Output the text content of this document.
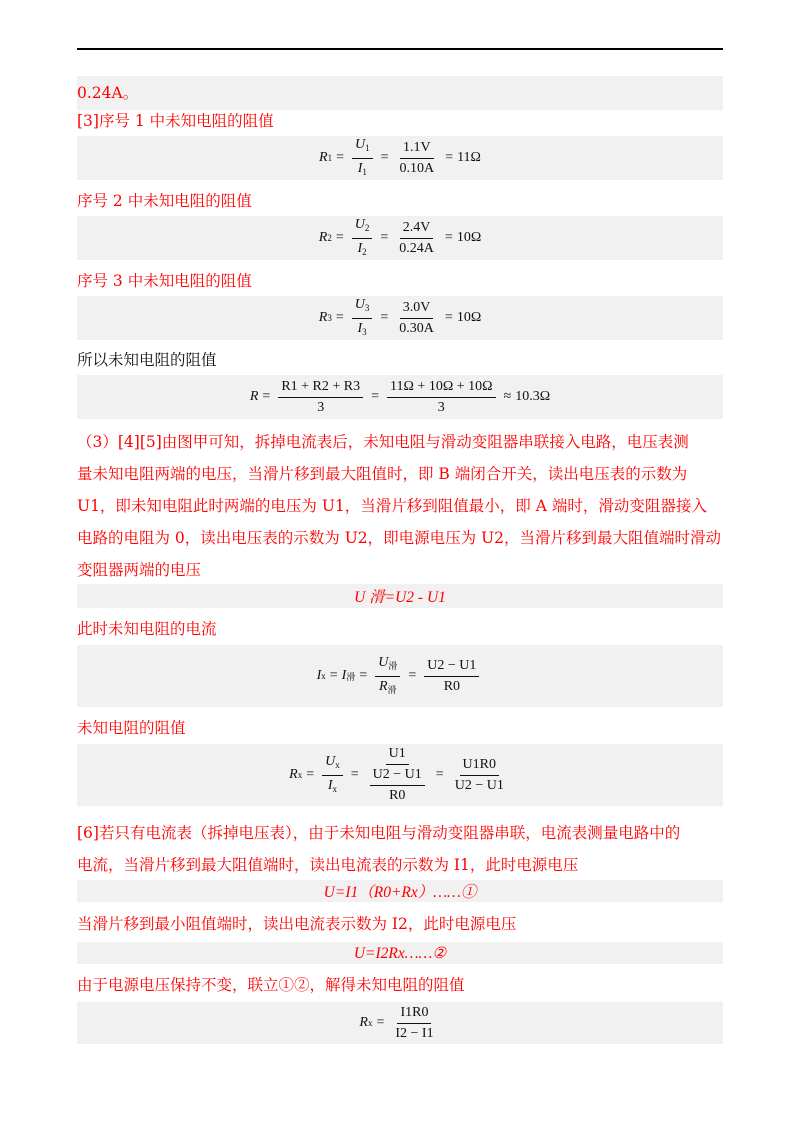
0.24A。
[3]序号 1 中未知电阻的阻值
R $1 = \frac{U_1}{I_1} = \frac{1.1V}{0.10A} = 11\Omega$
序号 2 中未知电阻的阻值
R $2 = \frac{U_2}{I_2} = \frac{2.4V}{0.24A} = 10\Omega$
序号 3 中未知电阻的阻值
R $3 = \frac{U_3}{I_3} = \frac{3.0V}{0.30A} = 10\Omega$
所以未知电阻的阻值
$R = \frac{R1 + R2 + R3}{3} = \frac{11\Omega + 10\Omega + 10\Omega}{3} \approx 10.3\Omega$
（3）[4][5]由图甲可知，拆掉电流表后，未知电阻与滑动变阻器串联接入电路，电压表测
量未知电阻两端的电压，当滑片移到最大阻值时，即 B 端闭合开关，读出电压表的示数为
U1，即未知电阻此时两端的电压为 U1，当滑片移到阻值最小，即 A 端时，滑动变阻器接入
电路的电阻为 0，读出电压表的示数为 U2，即电源电压为 U2，当滑片移到最大阻值端时滑动
变阻器两端的电压
U 滑=U2 - U1
此时未知电阻的电流
I x = I 滑 = $\frac{U_滑}{R_滑} = \frac{U2 - U1}{R0}$
未知电阻的阻值
R $x = \frac{U_x}{I_x} = \frac{U1}{\frac{U2 - U1}{R0}} = \frac{U1R0}{U2 - U1}$
[6]若只有电流表（拆掉电压表），由于未知电阻与滑动变阻器串联，电流表测量电路中的
电流，当滑片移到最大阻值端时，读出电流表的示数为 I1，此时电源电压
U=I1（R0+Rx）……①
当滑片移到最小阻值端时，读出电流表示数为 I2，此时电源电压
U=I2Rx……②
由于电源电压保持不变，联立①②，解得未知电阻的阻值
R $x = \frac{I1R0}{I2 - I1}$
